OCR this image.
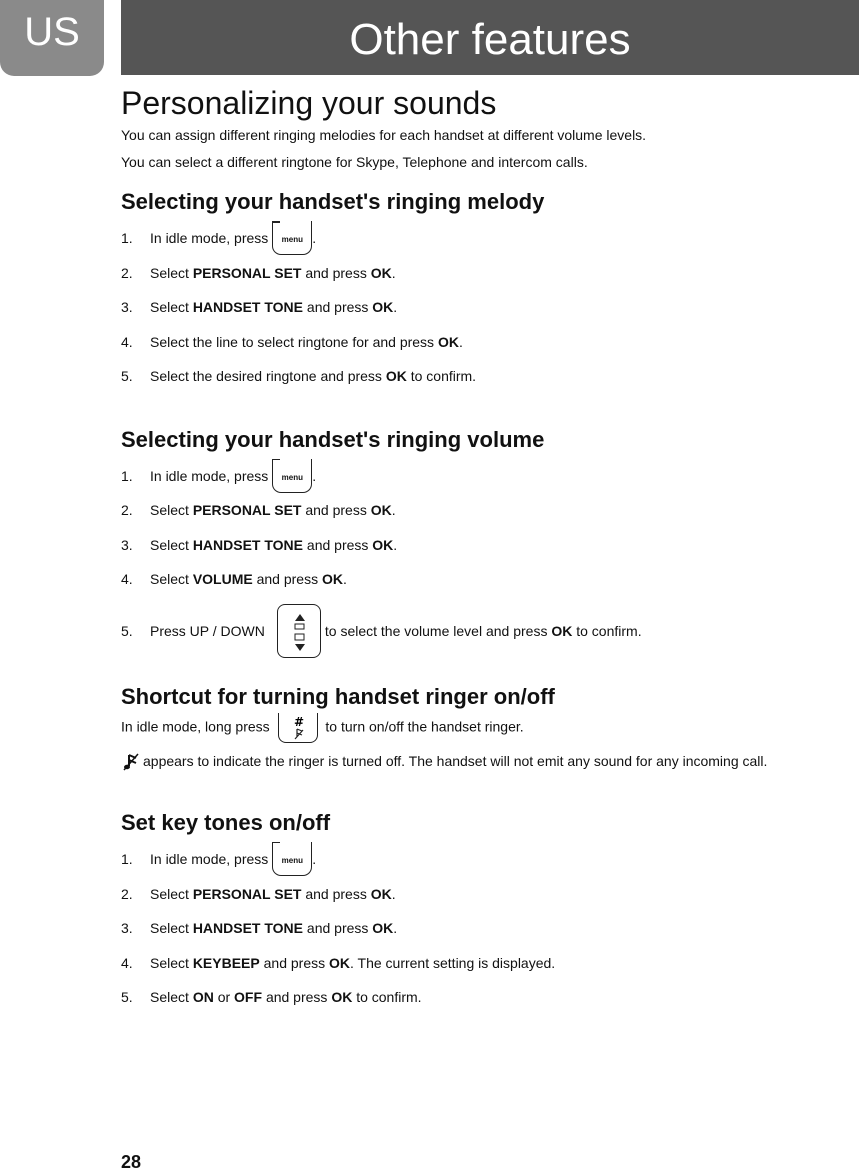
US	Other features
Personalizing your sounds

You can assign different ringing melodies for each handset at different volume levels.

You can select a different ringtone for Skype, Telephone and intercom calls.

Selecting your handset's ringing melody
1.	In idle mode, press	menu .
2.	Select
PERSONAL SET
and press
OK .
3.	Select
HANDSET TONE
and press
OK .
4.	Select the line to select ringtone for and press
OK .
5.	Select the desired ringtone and press
OK
to confirm.
Selecting your handset's ringing volume
1.	In idle mode, press	menu .
2.	Select
PERSONAL SET
and press
OK .
3.	Select
HANDSET TONE
and press
OK .
4.	Select
VOLUME
and press
OK .
5.	Press UP / DOWN	to select the volume level and press
OK
to confirm.
Shortcut for turning handset ringer on/off
In idle mode, long press # to turn on/off the handset ringer.
appears to indicate the ringer is turned off. The handset will not emit any sound for any incoming call.
Set key tones on/off
1.	In idle mode, press	menu .
2.	Select
PERSONAL SET
and press
OK .
3.	Select
HANDSET TONE
and press
OK .
4.	Select
KEYBEEP
and press
OK . The current setting is displayed.
5.	Select
ON
or
OFF
and press
OK
to confirm.
28
